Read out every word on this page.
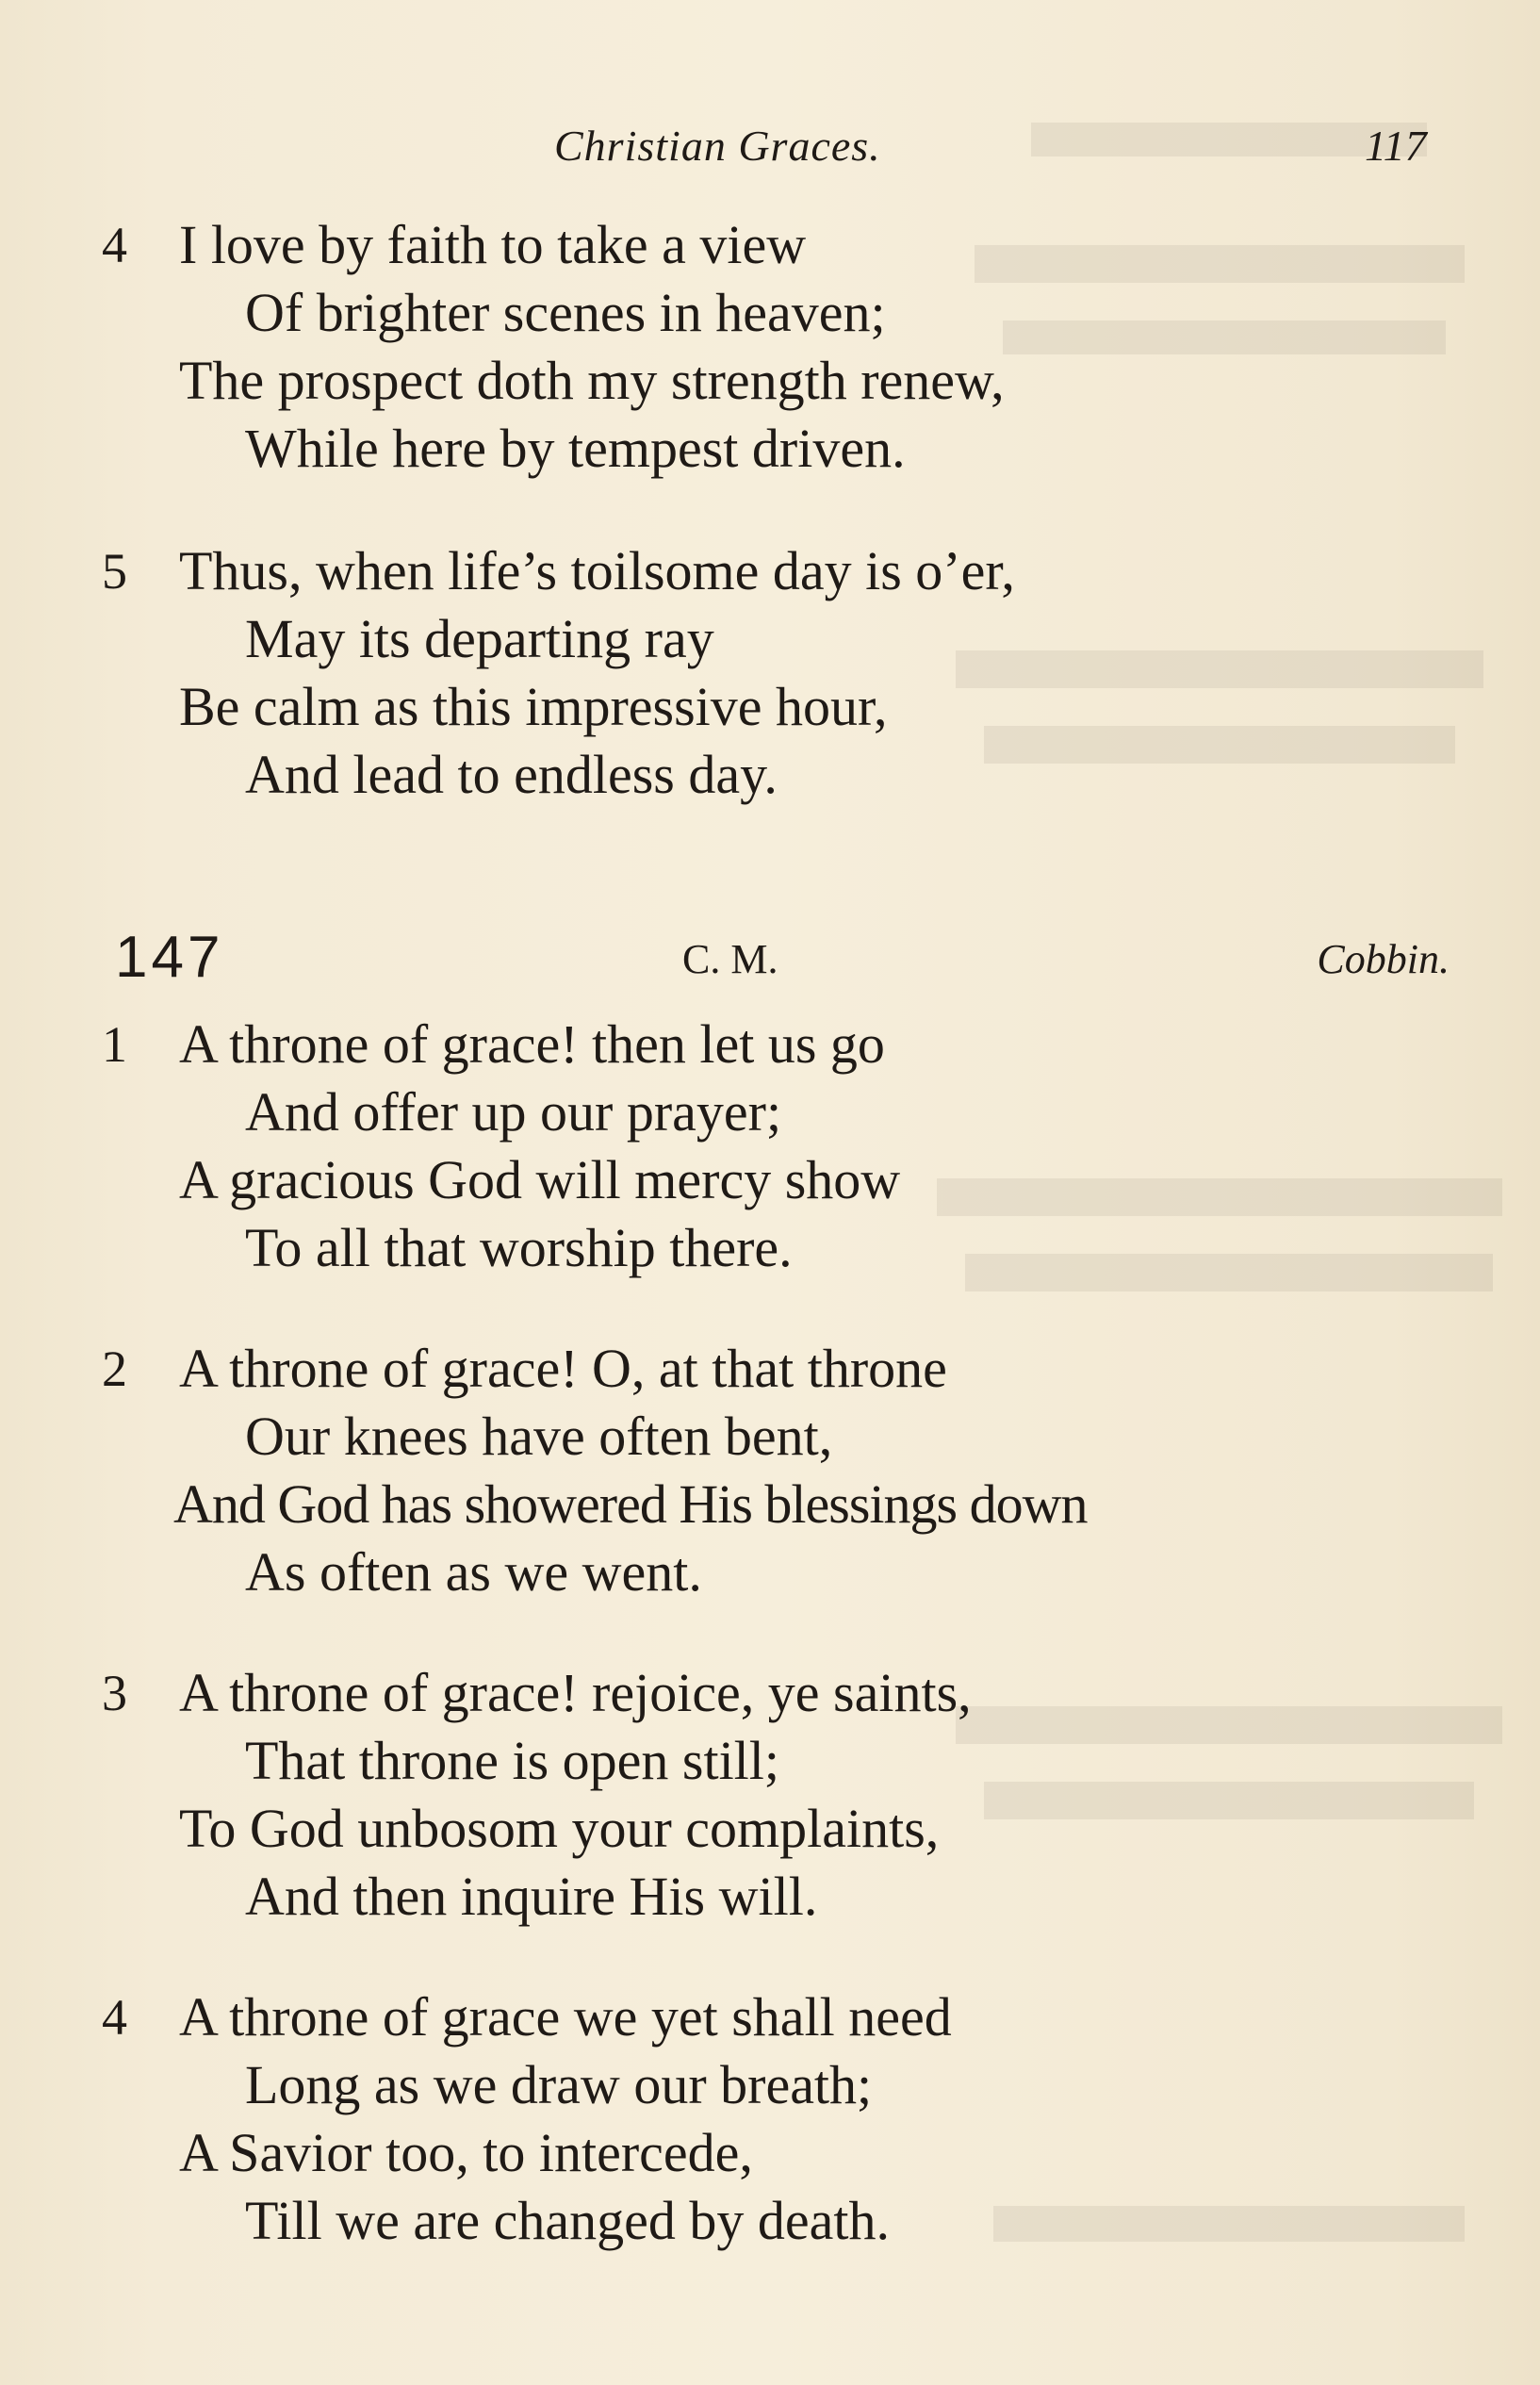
Christian Graces.	117
4 I love by faith to take a view
Of brighter scenes in heaven;
The prospect doth my strength renew,
While here by tempest driven.
5 Thus, when life’s toilsome day is o’er,
May its departing ray
Be calm as this impressive hour,
And lead to endless day.
147	C. M.	Cobbin.
1 A throne of grace! then let us go
And offer up our prayer;
A gracious God will mercy show
To all that worship there.
2 A throne of grace! O, at that throne
Our knees have often bent,
And God has showered His blessings down
As often as we went.
3 A throne of grace! rejoice, ye saints,
That throne is open still;
To God unbosom your complaints,
And then inquire His will.
4 A throne of grace we yet shall need
Long as we draw our breath;
A Savior too, to intercede,
Till we are changed by death.
